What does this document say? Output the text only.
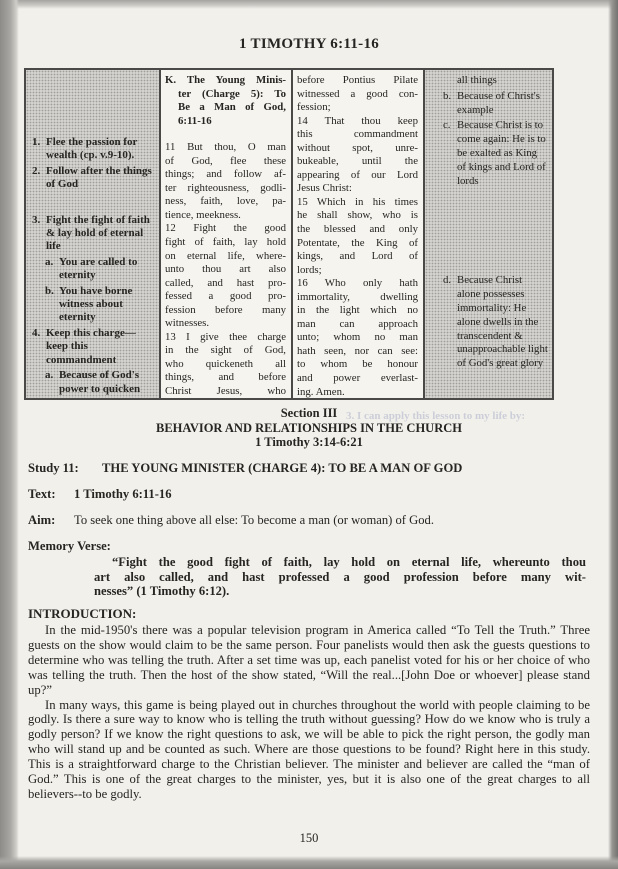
1 TIMOTHY 6:11-16
1. Flee the passion for wealth (cp. v.9-10).
2. Follow after the things of God
3. Fight the fight of faith & lay hold of eternal life
a. You are called to eternity
b. You have borne witness about eternity
4. Keep this charge—keep this commandment
a. Because of God's power to quicken
K. The Young Minis-
ter (Charge 5): To
Be a Man of God,
6:11-16
11 But thou, O man
of God, flee these
things; and follow af-
ter righteousness, godli-
ness, faith, love, pa-
tience, meekness.
12 Fight the good
fight of faith, lay hold
on eternal life, where-
unto thou art also
called, and hast pro-
fessed a good pro-
fession before many
witnesses.
13 I give thee charge
in the sight of God,
who quickeneth all
things, and before
Christ Jesus, who
before Pontius Pilate
witnessed a good con-
fession;
14 That thou keep
this commandment
without spot, unre-
bukeable, until the
appearing of our Lord
Jesus Christ:
15 Which in his times
he shall show, who is
the blessed and only
Potentate, the King of
kings, and Lord of
lords;
16 Who only hath
immortality, dwelling
in the light which no
man can approach
unto; whom no man
hath seen, nor can see:
to whom be honour
and power everlast-
ing. Amen.
all things
b. Because of Christ's example
c. Because Christ is to come again: He is to be exalted as King of kings and Lord of lords
d. Because Christ alone possesses immortality: He alone dwells in the transcendent & unapproachable light of God's great glory
3. I can apply this lesson to my life by:
Section III
BEHAVIOR AND RELATIONSHIPS IN THE CHURCH
1 Timothy 3:14-6:21
Study 11:	THE YOUNG MINISTER (CHARGE 4): TO BE A MAN OF GOD
Text:	1 Timothy 6:11-16
Aim:	To seek one thing above all else: To become a man (or woman) of God.
Memory Verse:
“Fight the good fight of faith, lay hold on eternal life, whereunto thou
art also called, and hast professed a good profession before many wit-
nesses” (1 Timothy 6:12).
INTRODUCTION:

In the mid-1950's there was a popular television program in America called “To Tell the Truth.” Three guests on the show would claim to be the same person. Four panelists would then ask the guests questions to determine who was telling the truth. After a set time was up, each panelist voted for his or her choice of who was telling the truth. Then the host of the show stated, “Will the real...[John Doe or whoever] please stand up?”

In many ways, this game is being played out in churches throughout the world with people claiming to be godly. Is there a sure way to know who is telling the truth without guessing? How do we know who is truly a godly person? If we know the right questions to ask, we will be able to pick the right person, the godly man who will stand up and be counted as such. Where are those questions to be found? Right here in this study. This is a straightforward charge to the Christian believer. The minister and believer are called the “man of God.” This is one of the great charges to the minister, yes, but it is also one of the great charges to all believers--to be godly.

150
